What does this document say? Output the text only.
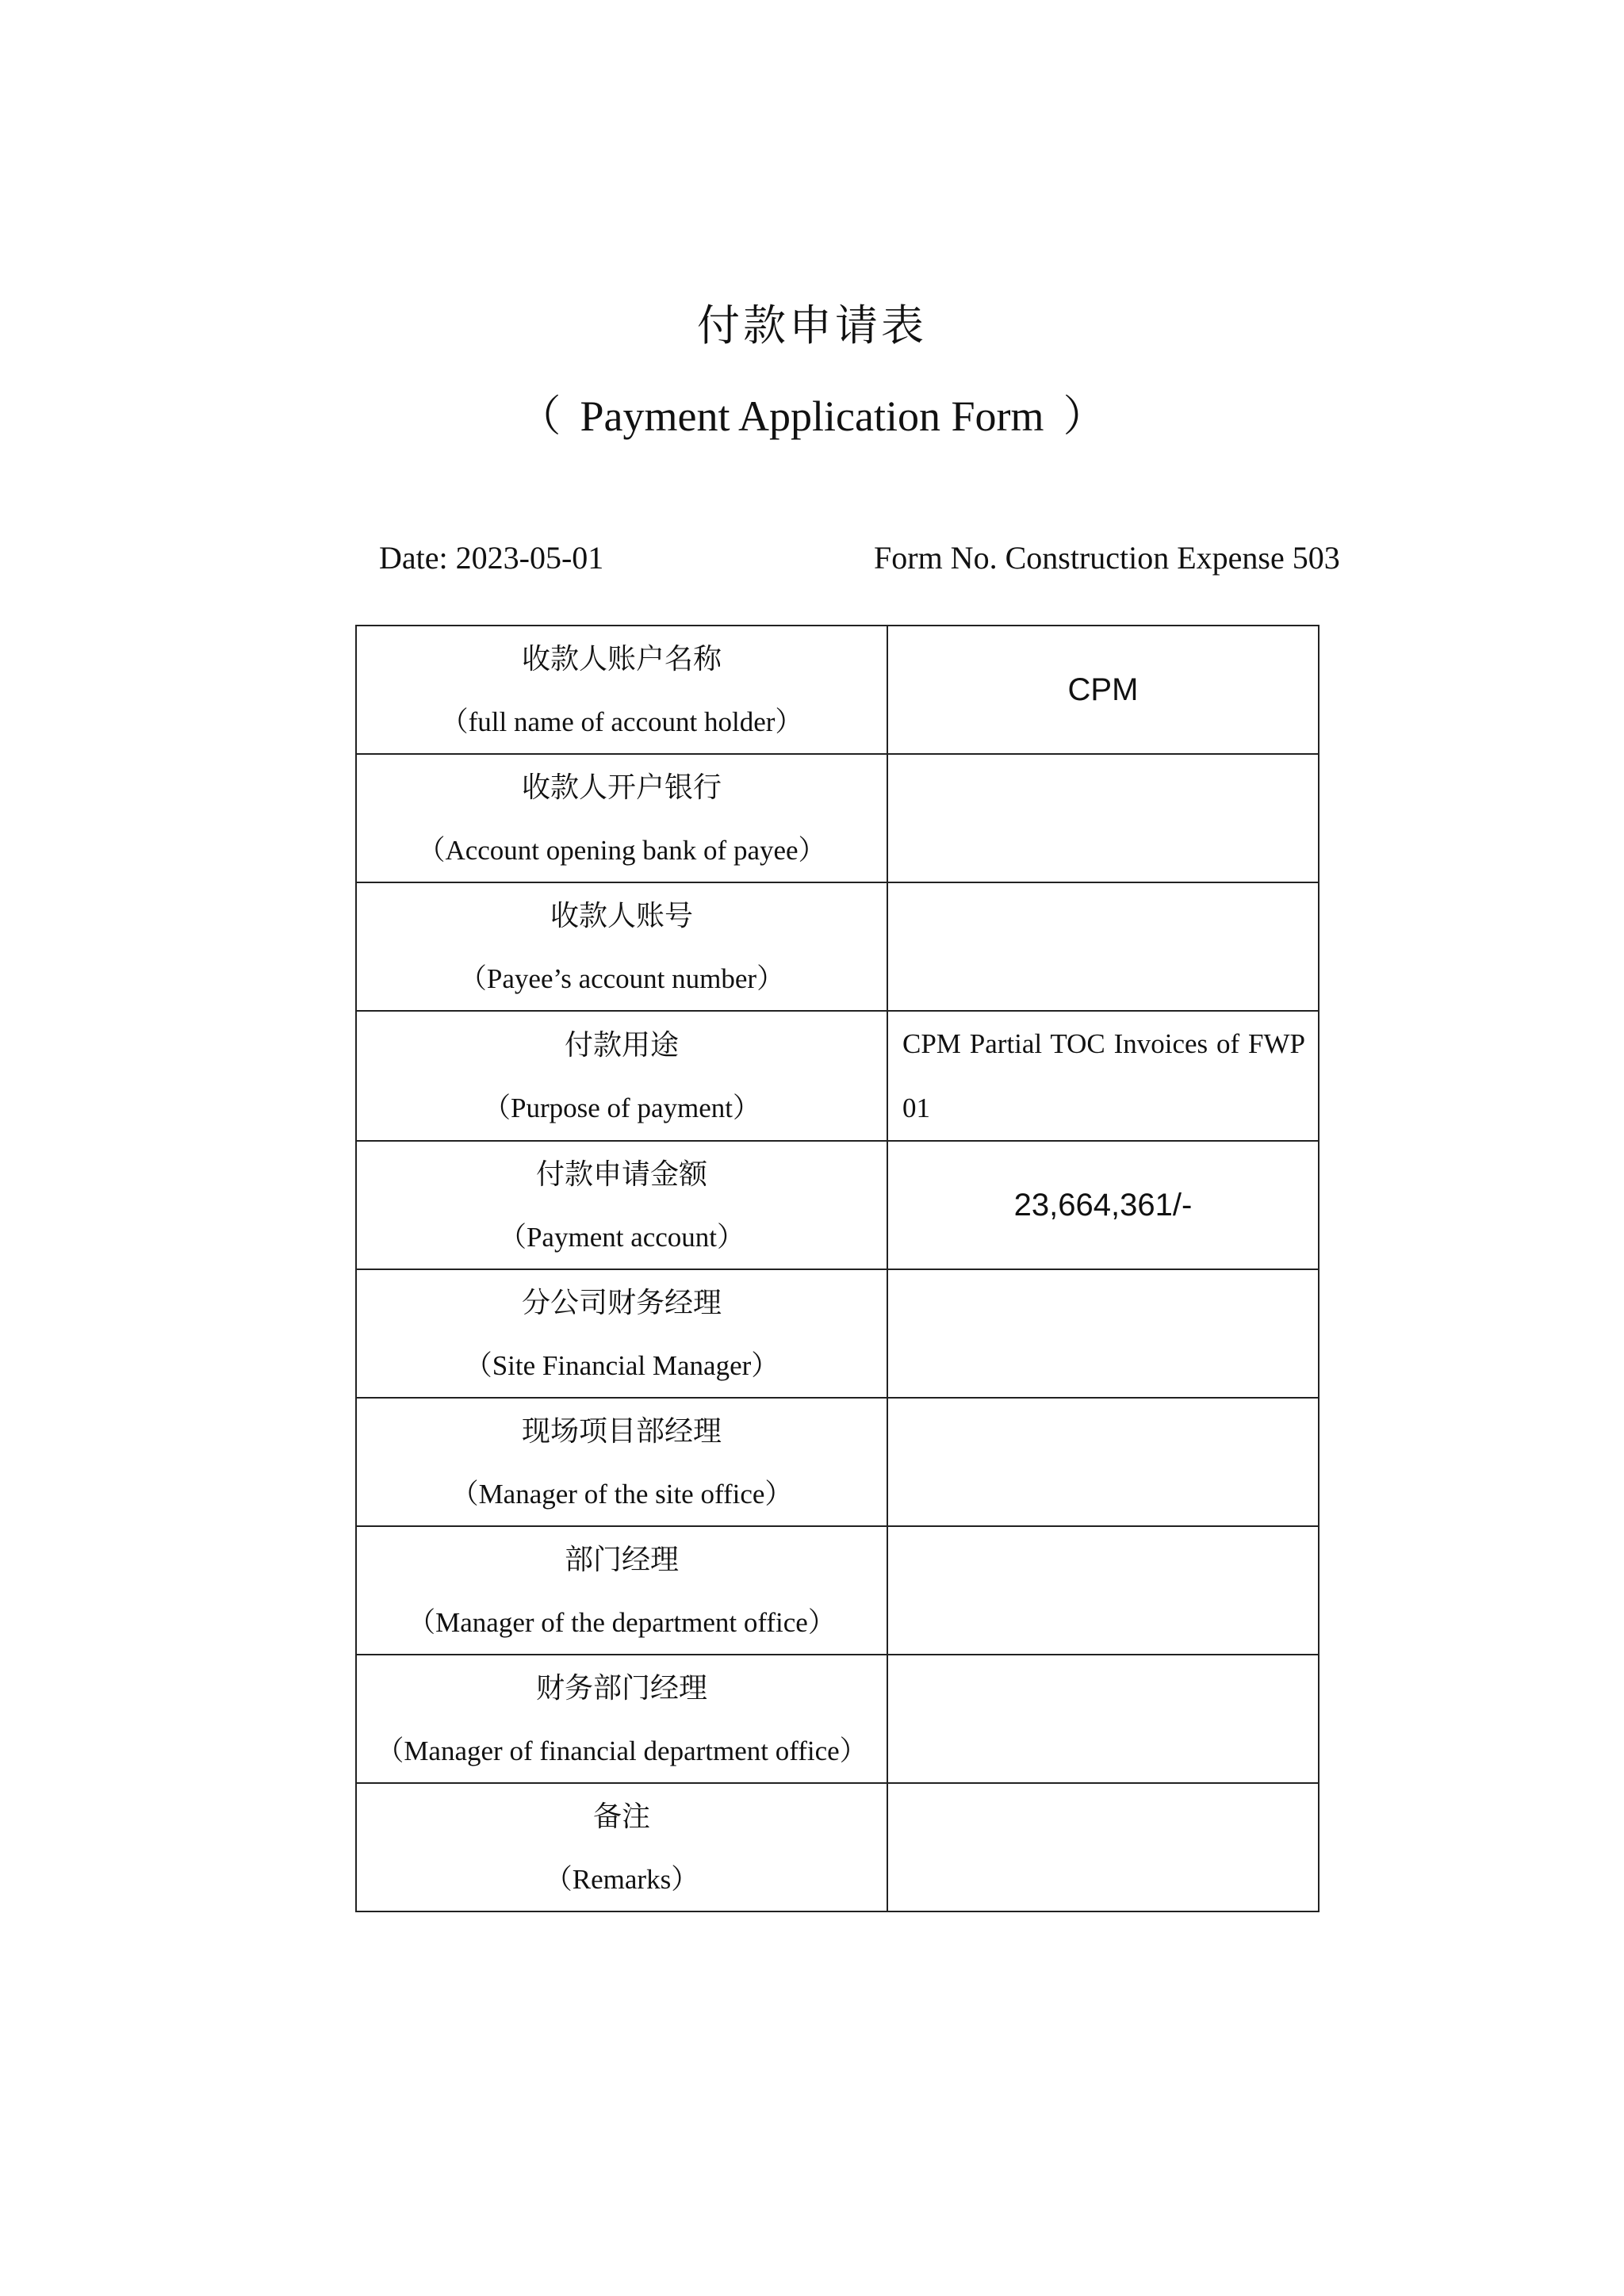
付款申请表
（ Payment Application Form ）
Date: 2023-05-01	Form No. Construction Expense 503
收款人账户名称
（full name of account holder）	CPM

收款人开户银行
（Account opening bank of payee）	

收款人账号
（Payee’s account number）	

付款用途
（Purpose of payment）	CPM Partial TOC Invoices of FWP 01

付款申请金额
（Payment account）	23,664,361/-

分公司财务经理
（Site Financial Manager）	

现场项目部经理
（Manager of the site office）	

部门经理
（Manager of the department office）	

财务部门经理
（Manager of financial department office）	

备注
（Remarks）	
